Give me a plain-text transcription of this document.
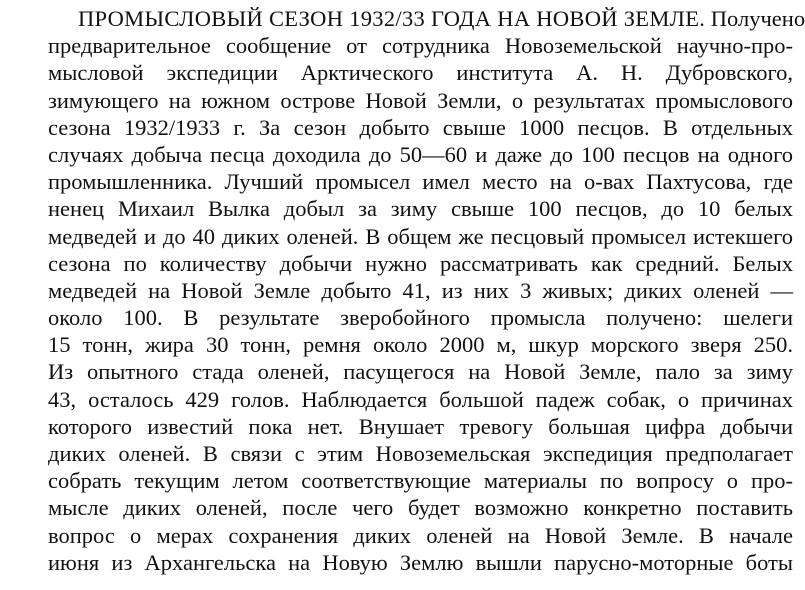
ПРОМЫСЛОВЫЙ СЕЗОН 1932/33 ГОДА НА НОВОЙ ЗЕМЛЕ. Получено
предварительное сообщение от сотрудника Новоземельской научно-про-
мысловой экспедиции Арктического института А. Н. Дубровского,
зимующего на южном острове Новой Земли, о результатах промыслового
сезона 1932/1933 г. За сезон добыто свыше 1000 песцов. В отдельных
случаях добыча песца доходила до 50—60 и даже до 100 песцов на одного
промышленника. Лучший промысел имел место на о-вах Пахтусова, где
ненец Михаил Вылка добыл за зиму свыше 100 песцов, до 10 белых
медведей и до 40 диких оленей. В общем же песцовый промысел истекшего
сезона по количеству добычи нужно рассматривать как средний. Белых
медведей на Новой Земле добыто 41, из них 3 живых; диких оленей —
около 100. В результате зверобойного промысла получено: шелеги
15 тонн, жира 30 тонн, ремня около 2000 м, шкур морского зверя 250.
Из опытного стада оленей, пасущегося на Новой Земле, пало за зиму
43, осталось 429 голов. Наблюдается большой падеж собак, о причинах
которого известий пока нет. Внушает тревогу большая цифра добычи
диких оленей. В связи с этим Новоземельская экспедиция предполагает
собрать текущим летом соответствующие материалы по вопросу о про-
мысле диких оленей, после чего будет возможно конкретно поставить
вопрос о мерах сохранения диких оленей на Новой Земле. В начале
июня из Архангельска на Новую Землю вышли парусно-моторные боты
